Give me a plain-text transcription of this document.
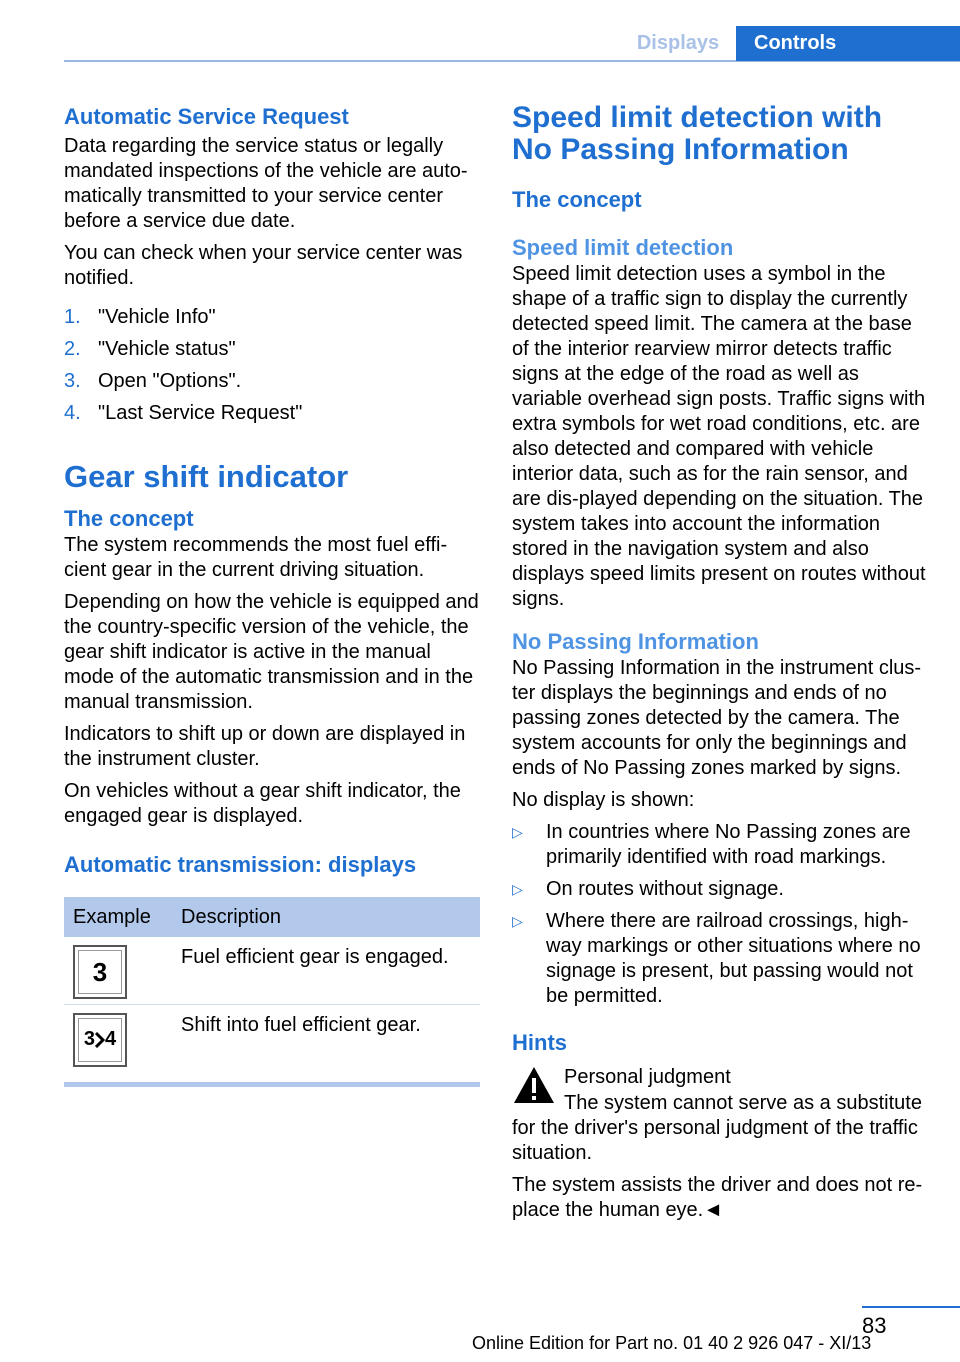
Displays	Controls
Automatic Service Request

Data regarding the service status or legally mandated inspections of the vehicle are auto-matically transmitted to your service center before a service due date.

You can check when your service center was notified.

1. "Vehicle Info"
2. "Vehicle status"
3. Open "Options".
4. "Last Service Request"
Gear shift indicator
The concept

The system recommends the most fuel effi-cient gear in the current driving situation.

Depending on how the vehicle is equipped and the country-specific version of the vehicle, the gear shift indicator is active in the manual mode of the automatic transmission and in the manual transmission.

Indicators to shift up or down are displayed in the instrument cluster.

On vehicles without a gear shift indicator, the engaged gear is displayed.

Automatic transmission: displays
Example	Description

3	Fuel efficient gear is engaged.

3 4	Shift into fuel efficient gear.
Speed limit detection with No Passing Information
The concept
Speed limit detection

Speed limit detection uses a symbol in the shape of a traffic sign to display the currently detected speed limit. The camera at the base of the interior rearview mirror detects traffic signs at the edge of the road as well as variable overhead sign posts. Traffic signs with extra symbols for wet road conditions, etc. are also detected and compared with vehicle interior data, such as for the rain sensor, and are dis-played depending on the situation. The system takes into account the information stored in the navigation system and also displays speed limits present on routes without signs.

No Passing Information

No Passing Information in the instrument clus-ter displays the beginnings and ends of no passing zones detected by the camera. The system accounts for only the beginnings and ends of No Passing zones marked by signs.

No display is shown:

▷	In countries where No Passing zones are primarily identified with road markings.
▷	On routes without signage.
▷	Where there are railroad crossings, high-way markings or other situations where no signage is present, but passing would not be permitted.
Hints
Personal judgment

The system cannot serve as a substitute for the driver's personal judgment of the traffic situation.

The system assists the driver and does not re-place the human eye.◄

83
Online Edition for Part no. 01 40 2 926 047 - XI/13
